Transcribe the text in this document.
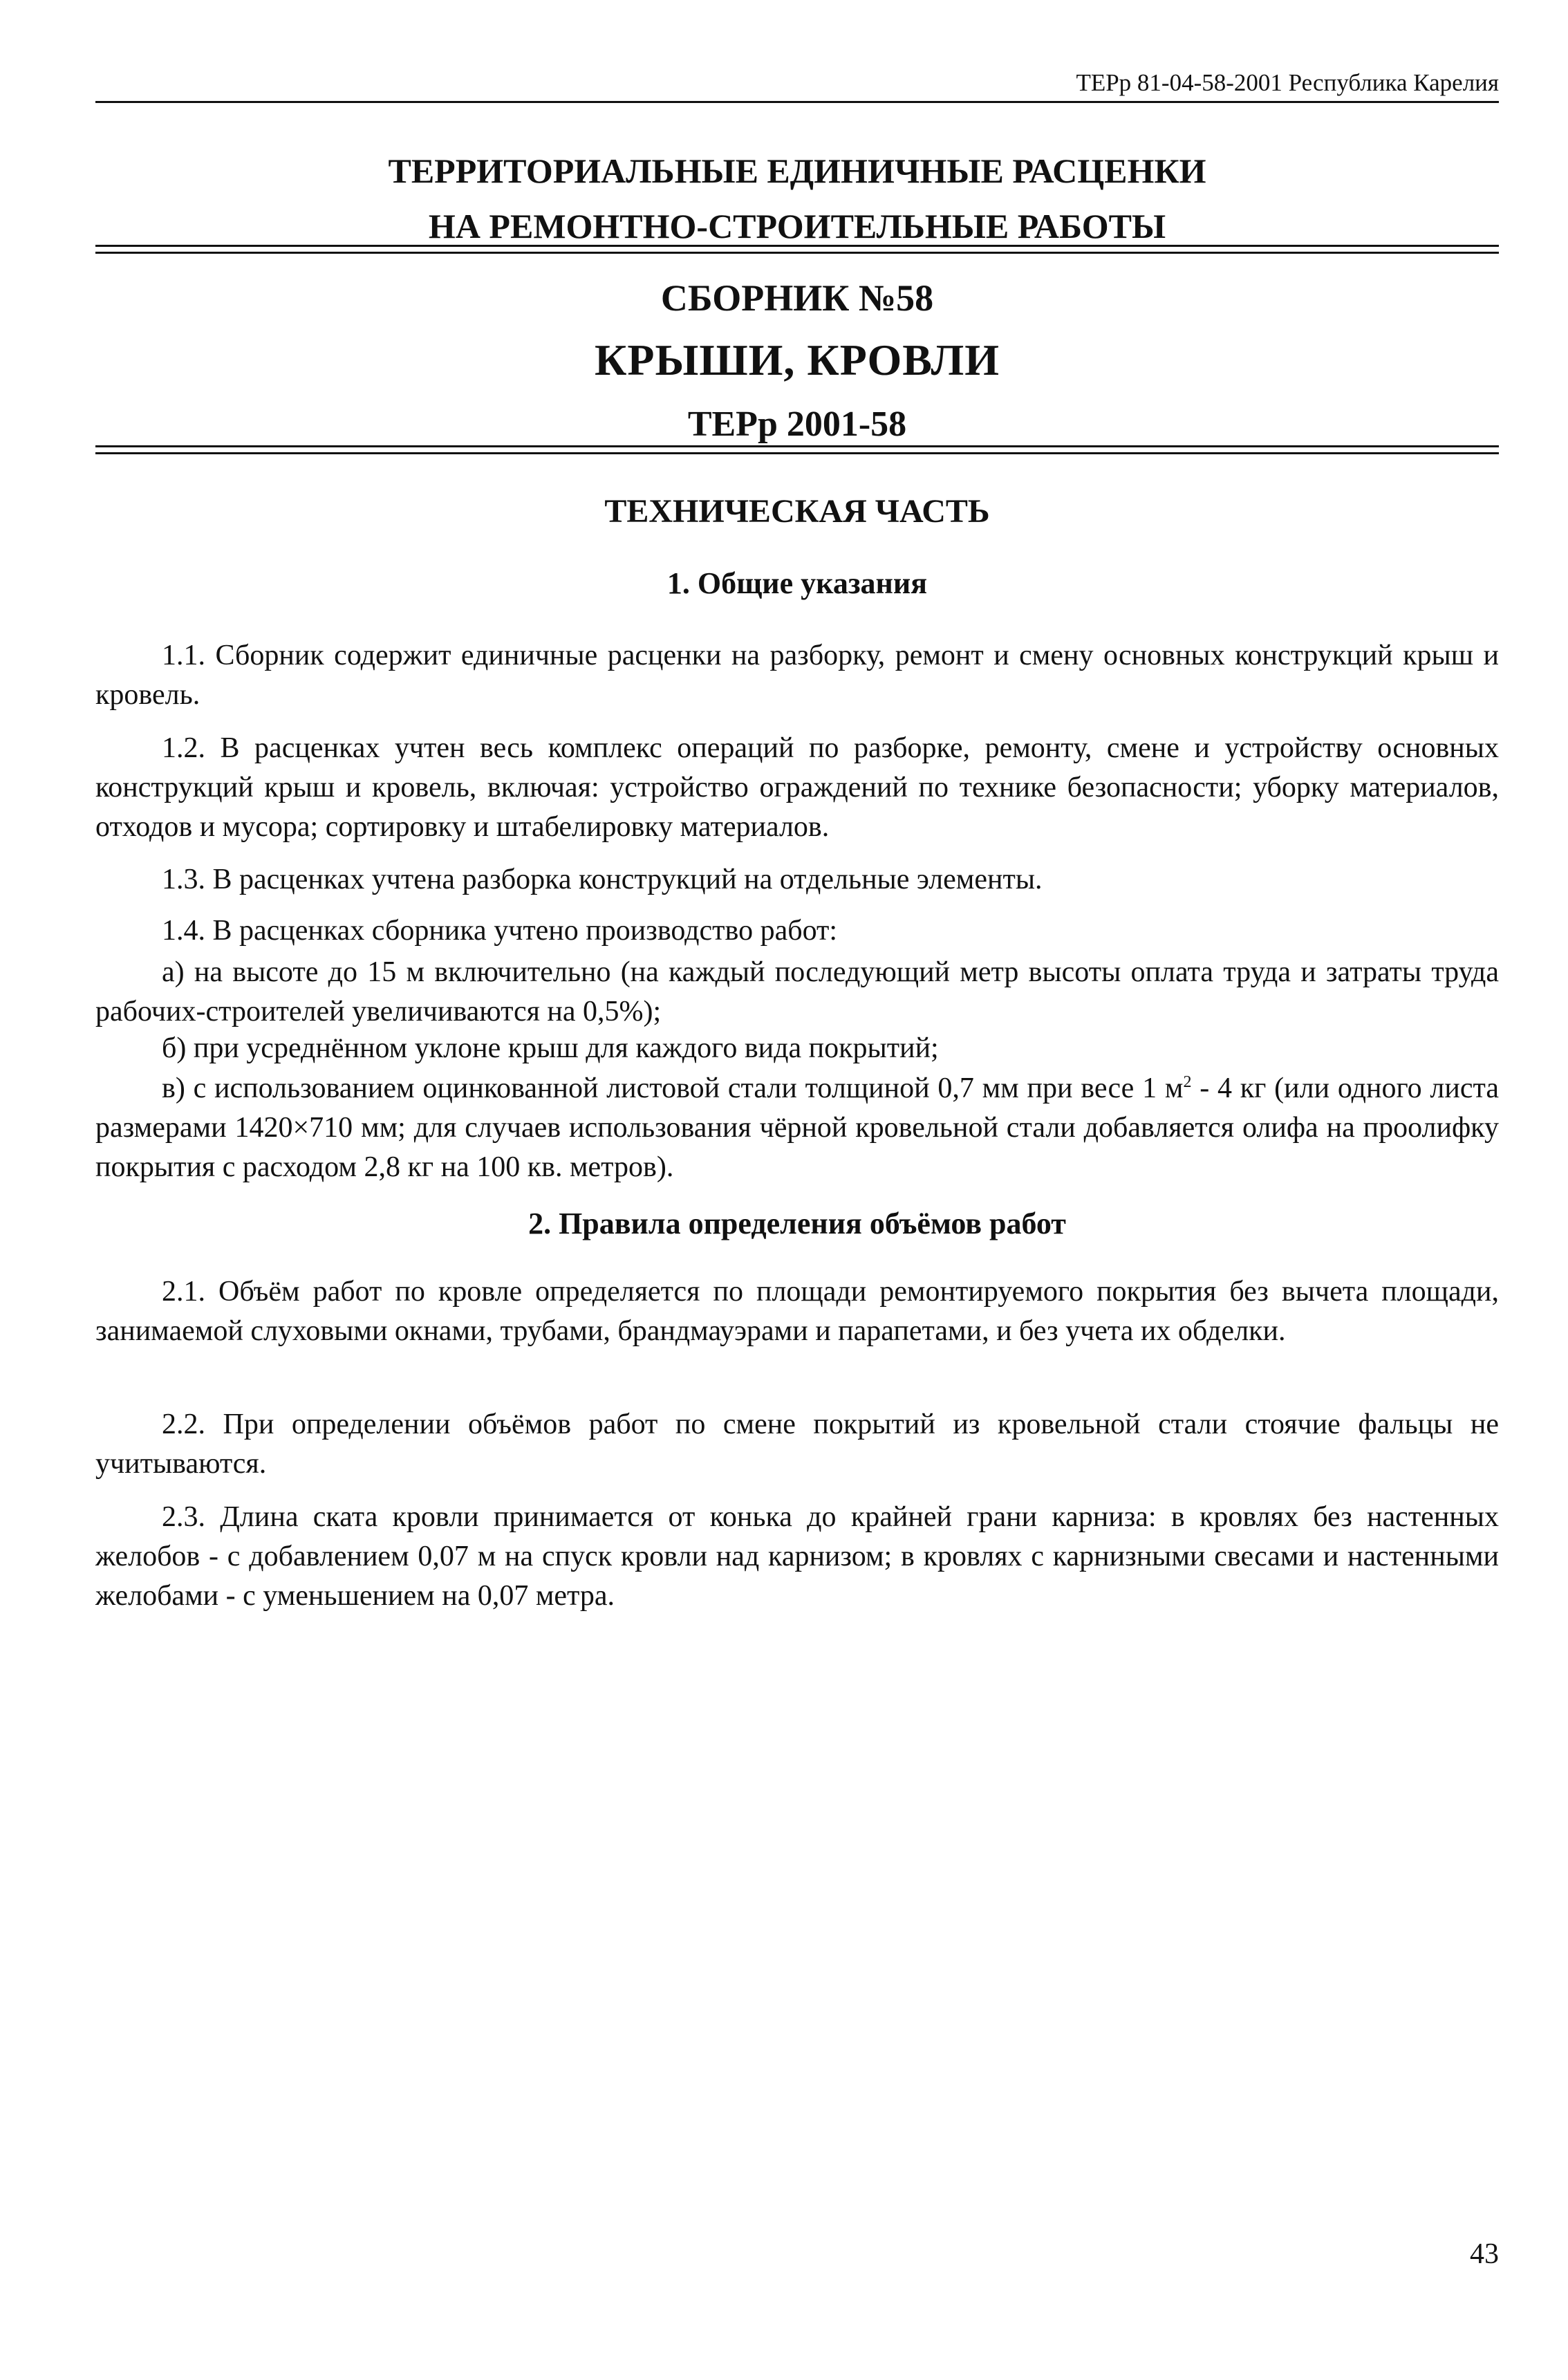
ТЕРр 81-04-58-2001 Республика Карелия
ТЕРРИТОРИАЛЬНЫЕ ЕДИНИЧНЫЕ РАСЦЕНКИ
НА РЕМОНТНО-СТРОИТЕЛЬНЫЕ РАБОТЫ
СБОРНИК №58
КРЫШИ, КРОВЛИ
ТЕРр 2001-58
ТЕХНИЧЕСКАЯ ЧАСТЬ
1. Общие указания
1.1. Сборник содержит единичные расценки на разборку, ремонт и смену основных конструкций крыш и кровель.
1.2. В расценках учтен весь комплекс операций по разборке, ремонту, смене и устройству основных конструкций крыш и кровель, включая: устройство ограждений по технике безопасности; уборку материалов, отходов и мусора; сортировку и штабелировку материалов.
1.3. В расценках учтена разборка конструкций на отдельные элементы.
1.4. В расценках сборника учтено производство работ:
а) на высоте до 15 м включительно (на каждый последующий метр высоты оплата труда и затраты труда рабочих-строителей увеличиваются на 0,5%);
б) при усреднённом уклоне крыш для каждого вида покрытий;
в) с использованием оцинкованной листовой стали толщиной 0,7 мм при весе 1 $м^2 - 4$ кг (или одного листа размерами 1420×710 мм; для случаев использования чёрной кровельной стали добавляется олифа на проолифку покрытия с расходом 2,8 кг на 100 кв. метров).
2. Правила определения объёмов работ
2.1. Объём работ по кровле определяется по площади ремонтируемого покрытия без вычета площади, занимаемой слуховыми окнами, трубами, брандмауэрами и парапетами, и без учета их обделки.
2.2. При определении объёмов работ по смене покрытий из кровельной стали стоячие фальцы не учитываются.
2.3. Длина ската кровли принимается от конька до крайней грани карниза: в кровлях без настенных желобов - с добавлением 0,07 м на спуск кровли над карнизом; в кровлях с карнизными свесами и настенными желобами - с уменьшением на 0,07 метра.
43
